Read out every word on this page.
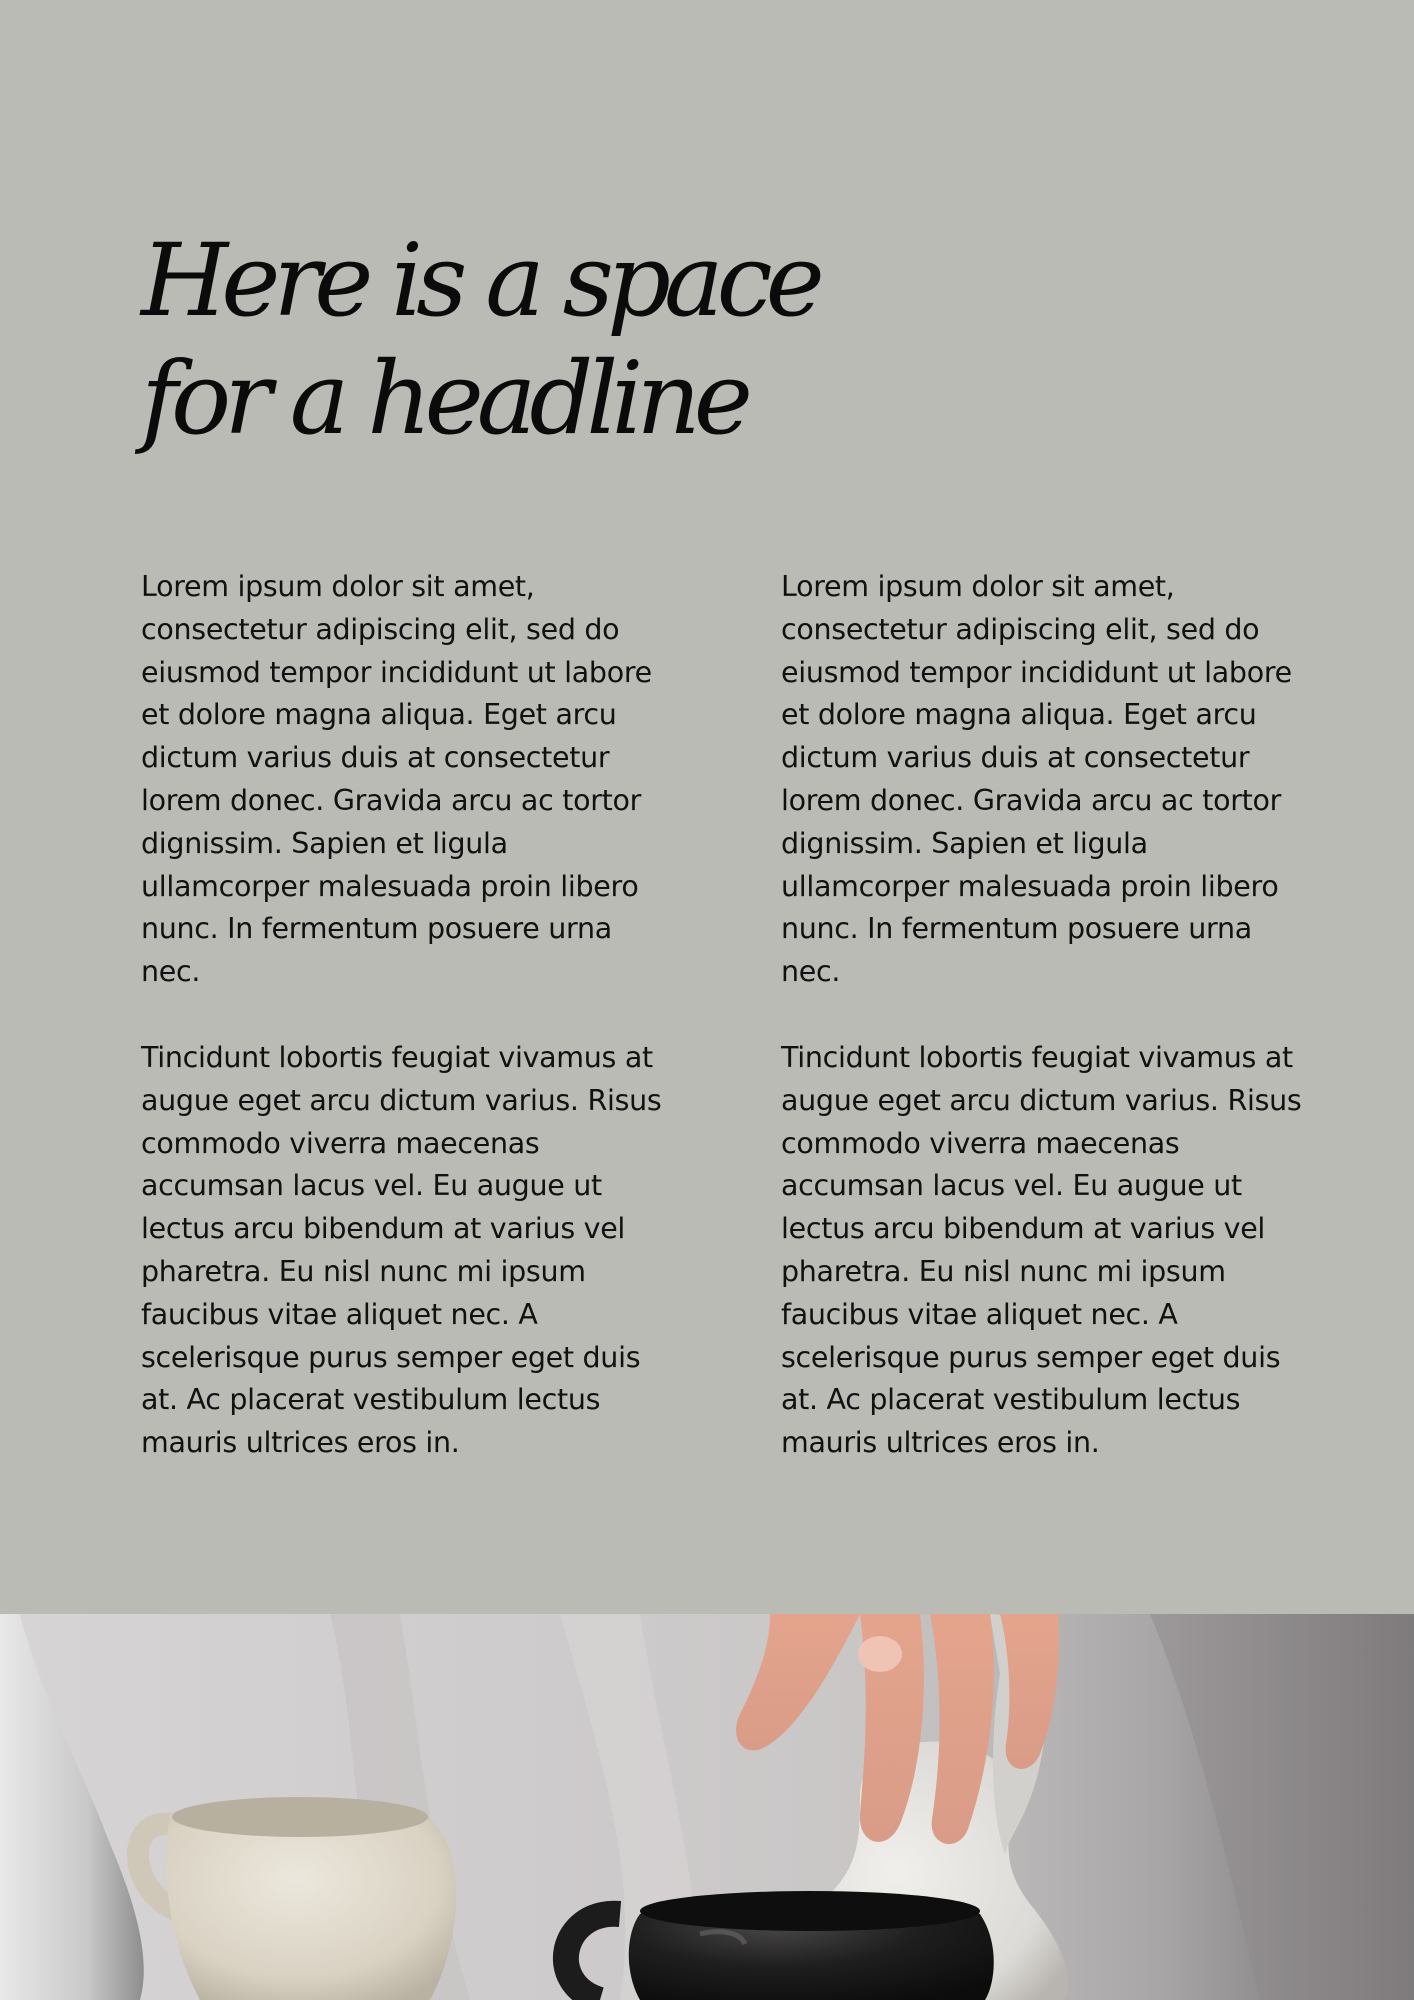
Here is a space for a headline

Lorem ipsum dolor sit amet, consectetur adipiscing elit, sed do eiusmod tempor incididunt ut labore et dolore magna aliqua. Eget arcu dictum varius duis at consectetur lorem donec. Gravida arcu ac tortor dignissim. Sapien et ligula ullamcorper malesuada proin libero nunc. In fermentum posuere urna nec.

Tincidunt lobortis feugiat vivamus at augue eget arcu dictum varius. Risus commodo viverra maecenas accumsan lacus vel. Eu augue ut lectus arcu bibendum at varius vel pharetra. Eu nisl nunc mi ipsum faucibus vitae aliquet nec. A scelerisque purus semper eget duis at. Ac placerat vestibulum lectus mauris ultrices eros in.

Lorem ipsum dolor sit amet, consectetur adipiscing elit, sed do eiusmod tempor incididunt ut labore et dolore magna aliqua. Eget arcu dictum varius duis at consectetur lorem donec. Gravida arcu ac tortor dignissim. Sapien et ligula ullamcorper malesuada proin libero nunc. In fermentum posuere urna nec.

Tincidunt lobortis feugiat vivamus at augue eget arcu dictum varius. Risus commodo viverra maecenas accumsan lacus vel. Eu augue ut lectus arcu bibendum at varius vel pharetra. Eu nisl nunc mi ipsum faucibus vitae aliquet nec. A scelerisque purus semper eget duis at. Ac placerat vestibulum lectus mauris ultrices eros in.
